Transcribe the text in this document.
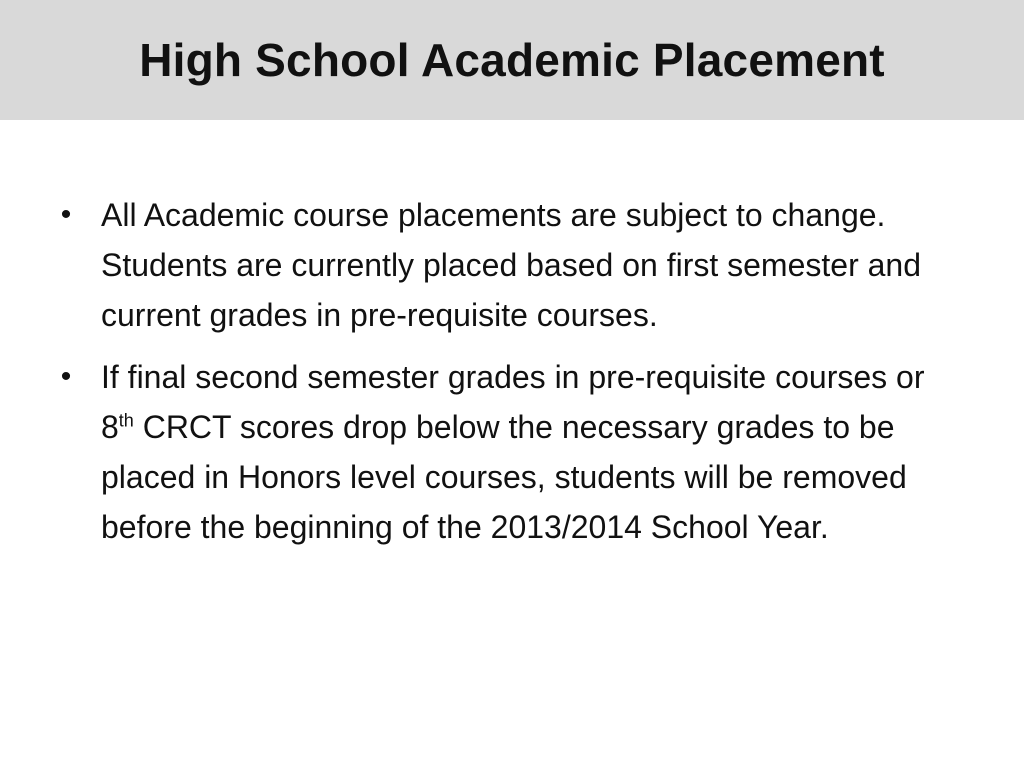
High School Academic Placement
• All Academic course placements are subject to change. Students are currently placed based on first semester and current grades in pre-requisite courses.
• If final second semester grades in pre-requisite courses or 8th CRCT scores drop below the necessary grades to be placed in Honors level courses, students will be removed before the beginning of the 2013/2014 School Year.
